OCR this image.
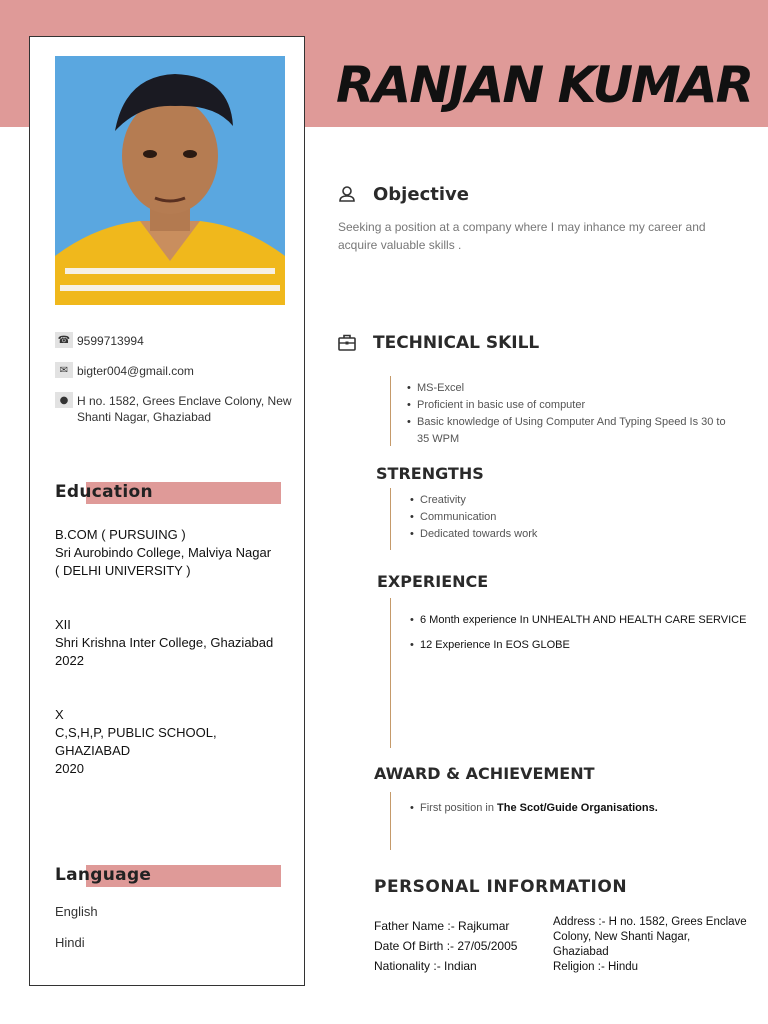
RANJAN KUMAR
☎ 9599713994
✉ bigter004@gmail.com
● H no. 1582, Grees Enclave Colony, New
Shanti Nagar, Ghaziabad
Education
B.COM ( PURSUING )
Sri Aurobindo College, Malviya Nagar
( DELHI UNIVERSITY )
XII
Shri Krishna Inter College, Ghaziabad
2022
X
C,S,H,P, PUBLIC SCHOOL,
GHAZIABAD
2020
Language
English
Hindi
Objective
Seeking a position at a company where I may inhance my career and acquire valuable skills .
TECHNICAL SKILL
• MS-Excel
• Proficient in basic use of computer
• Basic knowledge of Using Computer And Typing Speed Is 30 to 35 WPM
STRENGTHS
• Creativity
• Communication
• Dedicated towards work
EXPERIENCE
• 6 Month experience In UNHEALTH AND HEALTH CARE SERVICE
• 12 Experience In EOS GLOBE
AWARD & ACHIEVEMENT
• First position in The Scot/Guide Organisations.
PERSONAL INFORMATION
Father Name :- Rajkumar
Date Of Birth :- 27/05/2005
Nationality :- Indian
Address :- H no. 1582, Grees Enclave
Colony, New Shanti Nagar,
Ghaziabad
Religion :- Hindu
